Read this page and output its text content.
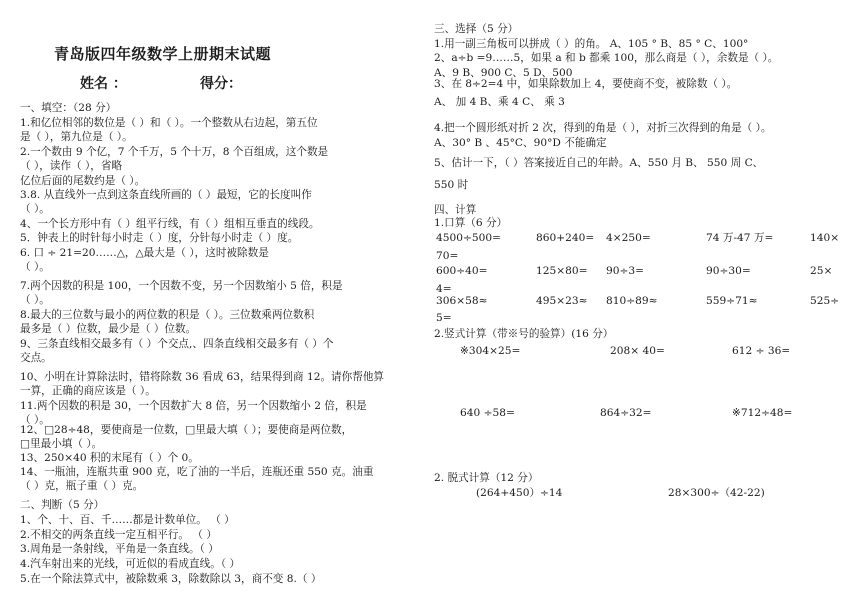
青岛版四年级数学上册期末试题
姓名 ：	得分：
一、填空：（28 分）
1.和亿位相邻的数位是（ ）和（ ）。一个整数从右边起，第五位
是（ ），第九位是（ ）。
2.一个数由 9 个亿，7 个千万，5 个十万，8 个百组成，这个数是
（ ），读作（ ），省略
亿位后面的尾数约是（ ）。
3.8. 从直线外一点到这条直线所画的（ ）最短，它的长度叫作
（ ）。
4、一个长方形中有（ ）组平行线，有（ ）组相互垂直的线段。
5．钟表上的时针每小时走（ ）度，分针每小时走（ ）度。
6. 口 ÷ 21=20……△，△最大是（ ），这时被除数是
（ ）。
7.两个因数的积是 100，一个因数不变，另一个因数缩小 5 倍，积是
（ ）。
8.最大的三位数与最小的两位数的积是（ ）。三位数乘两位数积
最多是（ ）位数，最少是（ ）位数。
9、三条直线相交最多有（ ）个交点,、四条直线相交最多有（ ）个
交点。
10、小明在计算除法时，错将除数 36 看成 63，结果得到商 12。请你帮他算
一算，正确的商应该是（ ）。
11.两个因数的积是 30，一个因数扩大 8 倍，另一个因数缩小 2 倍，积是
（ ）。
12、□28÷48，要使商是一位数，□里最大填（ ）；要使商是两位数，
□里最小填（ ）。
13、250×40 积的末尾有（ ）个 0。
14、一瓶油，连瓶共重 900 克，吃了油的一半后，连瓶还重 550 克。油重
（ ）克，瓶子重（ ）克。
二、判断（5 分）
1、个、十、百、千……都是计数单位。 （ ）
2.不相交的两条直线一定互相平行。 （ ）
3.周角是一条射线，平角是一条直线。（ ）
4.汽车射出来的光线，可近似的看成直线。（ ）
5.在一个除法算式中，被除数乘 3，除数除以 3，商不变 8.（ ）
三、选择（5 分）
1.用一副三角板可以拼成（ ）的角。 A、105 ° B、85 ° C、100°
2、a÷b =9……5，如果 a 和 b 都乘 100，那么商是（ ），余数是（ ）。
A、9 B、900 C、5 D、500
3、在 8÷2=4 中，如果除数加上 4，要使商不变，被除数（ ）。
A、 加 4 B、乘 4 C、 乘 3
4.把一个圆形纸对折 2 次，得到的角是（ ），对折三次得到的角是（ ）。
A、30° B 、45°C、90°D 不能确定
5、估计一下，（ ）答案接近自己的年龄。A、550 月 B、 550 周 C、
550 时
四、计算
1.口算（6 分）
2.竖式计算（带※号的验算）(16 分）
2. 脱式计算（12 分）
4500÷500=	860+240= 4×250=	74 万-47 万=	140×
70=
600÷40=	125×80= 90÷3=	90÷30=	25×
4=
306×58≈	495×23≈ 810÷89≈	559÷71≈	525÷
5=
※304×25=	208× 40=	612 ÷ 36=
640 ÷58=	864÷32=	※712÷48=
(264+450）÷14	28×300÷（42-22)
